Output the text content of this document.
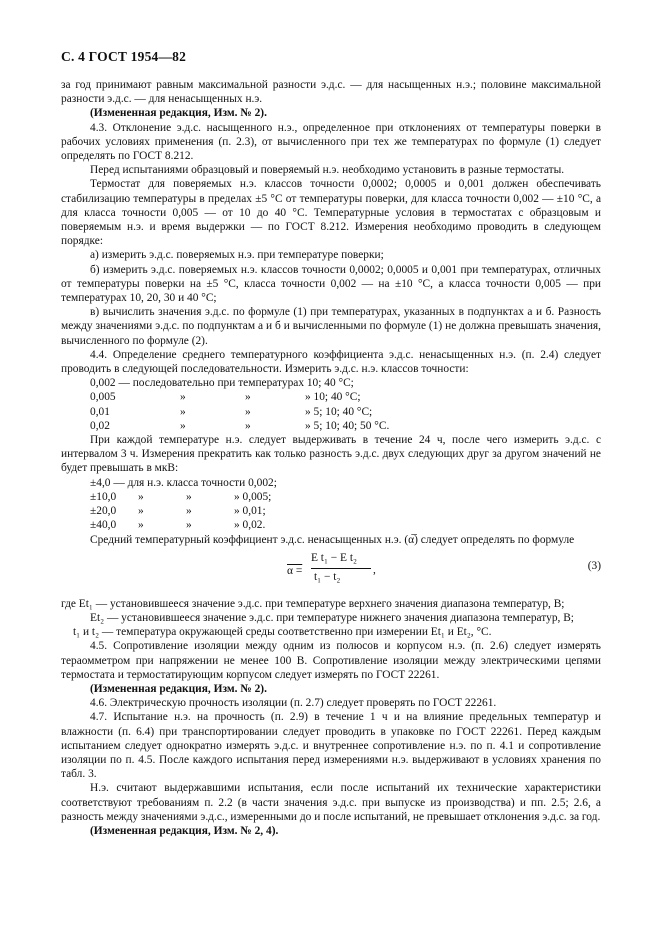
С. 4 ГОСТ 1954—82

за год принимают равным максимальной разности э.д.с. — для насыщенных н.э.; половине максимальной разности э.д.с. — для ненасыщенных н.э.

(Измененная редакция, Изм. № 2).

4.3. Отклонение э.д.с. насыщенного н.э., определенное при отклонениях от температуры поверки в рабочих условиях применения (п. 2.3), от вычисленного при тех же температурах по формуле (1) следует определять по ГОСТ 8.212.

Перед испытаниями образцовый и поверяемый н.э. необходимо установить в разные термостаты.

Термостат для поверяемых н.э. классов точности 0,0002; 0,0005 и 0,001 должен обеспечивать стабилизацию температуры в пределах ±5 °С от температуры поверки, для класса точности 0,002 — ±10 °С, а для класса точности 0,005 — от 10 до 40 °С. Температурные условия в термостатах с образцовым и поверяемым н.э. и время выдержки — по ГОСТ 8.212. Измерения необходимо проводить в следующем порядке:

а) измерить э.д.с. поверяемых н.э. при температуре поверки;

б) измерить э.д.с. поверяемых н.э. классов точности 0,0002; 0,0005 и 0,001 при температурах, отличных от температуры поверки на ±5 °С, класса точности 0,002 — на ±10 °С, а класса точности 0,005 — при температурах 10, 20, 30 и 40 °С;

в) вычислить значения э.д.с. по формуле (1) при температурах, указанных в подпунктах а и б. Разность между значениями э.д.с. по подпунктам а и б и вычисленными по формуле (1) не должна превышать значения, вычисленного по формуле (2).

4.4. Определение среднего температурного коэффициента э.д.с. ненасыщенных н.э. (п. 2.4) следует проводить в следующей последовательности. Измерить э.д.с. н.э. классов точности:

0,002 — последовательно при температурах 10; 40 °С;
0,005	»	»	» 10; 40 °С;
0,01	»	»	» 5; 10; 40 °С;
0,02	»	»	» 5; 10; 40; 50 °С.

При каждой температуре н.э. следует выдерживать в течение 24 ч, после чего измерить э.д.с. с интервалом 3 ч. Измерения прекратить как только разность э.д.с. двух следующих друг за другом значений не будет превышать в мкВ:

±4,0 — для н.э. класса точности 0,002;
±10,0	»	»	» 0,005;
±20,0	»	»	» 0,01;
±40,0	»	»	» 0,02.

Средний температурный коэффициент э.д.с. ненасыщенных н.э. (α̅) следует определять по формуле

α =
E t₁ − E t₂
t₁ − t₂
,	(3)

где Et₁ — установившееся значение э.д.с. при температуре верхнего значения диапазона температур, В;

Et₂ — установившееся значение э.д.с. при температуре нижнего значения диапазона температур, В;

t₁ и t₂ — температура окружающей среды соответственно при измерении Et₁ и Et₂, °С.

4.5. Сопротивление изоляции между одним из полюсов и корпусом н.э. (п. 2.6) следует измерять тераомметром при напряжении не менее 100 В. Сопротивление изоляции между электрическими цепями термостата и термостатирующим корпусом следует измерять по ГОСТ 22261.

(Измененная редакция, Изм. № 2).

4.6. Электрическую прочность изоляции (п. 2.7) следует проверять по ГОСТ 22261.

4.7. Испытание н.э. на прочность (п. 2.9) в течение 1 ч и на влияние предельных температур и влажности (п. 6.4) при транспортировании следует проводить в упаковке по ГОСТ 22261. Перед каждым испытанием следует однократно измерять э.д.с. и внутреннее сопротивление н.э. по п. 4.1 и сопротивление изоляции по п. 4.5. После каждого испытания перед измерениями н.э. выдерживают в условиях хранения по табл. 3.

Н.э. считают выдержавшими испытания, если после испытаний их технические характеристики соответствуют требованиям п. 2.2 (в части значения э.д.с. при выпуске из производства) и пп. 2.5; 2.6, а разность между значениями э.д.с., измеренными до и после испытаний, не превышает отклонения э.д.с. за год.

(Измененная редакция, Изм. № 2, 4).
